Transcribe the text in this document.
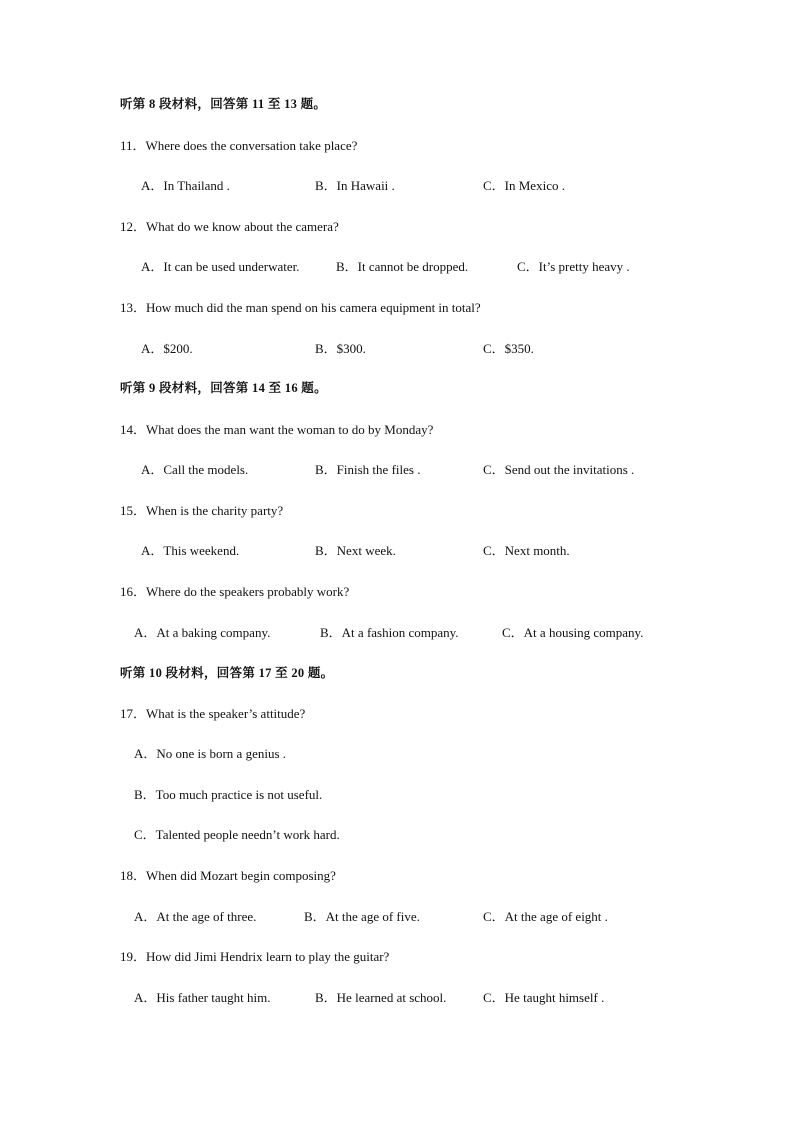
听第 8 段材料，回答第 11 至 13 题。
11．Where does the conversation take place?
A．In Thailand .	B．In Hawaii .	C．In Mexico .
12．What do we know about the camera?
A．It can be used underwater.	B．It cannot be dropped.	C．It’s pretty heavy .
13．How much did the man spend on his camera equipment in total?
A．$200.	B．$300.	C．$350.
听第 9 段材料，回答第 14 至 16 题。
14．What does the man want the woman to do by Monday?
A．Call the models.	B．Finish the files .	C．Send out the invitations .
15．When is the charity party?
A．This weekend.	B．Next week.	C．Next month.
16．Where do the speakers probably work?
A．At a baking company.	B．At a fashion company.	C．At a housing company.
听第 10 段材料，回答第 17 至 20 题。
17．What is the speaker’s attitude?
A．No one is born a genius .
B．Too much practice is not useful.
C．Talented people needn’t work hard.
18．When did Mozart begin composing?
A．At the age of three.	B．At the age of five.	C．At the age of eight .
19．How did Jimi Hendrix learn to play the guitar?
A．His father taught him.	B．He learned at school.	C．He taught himself .
